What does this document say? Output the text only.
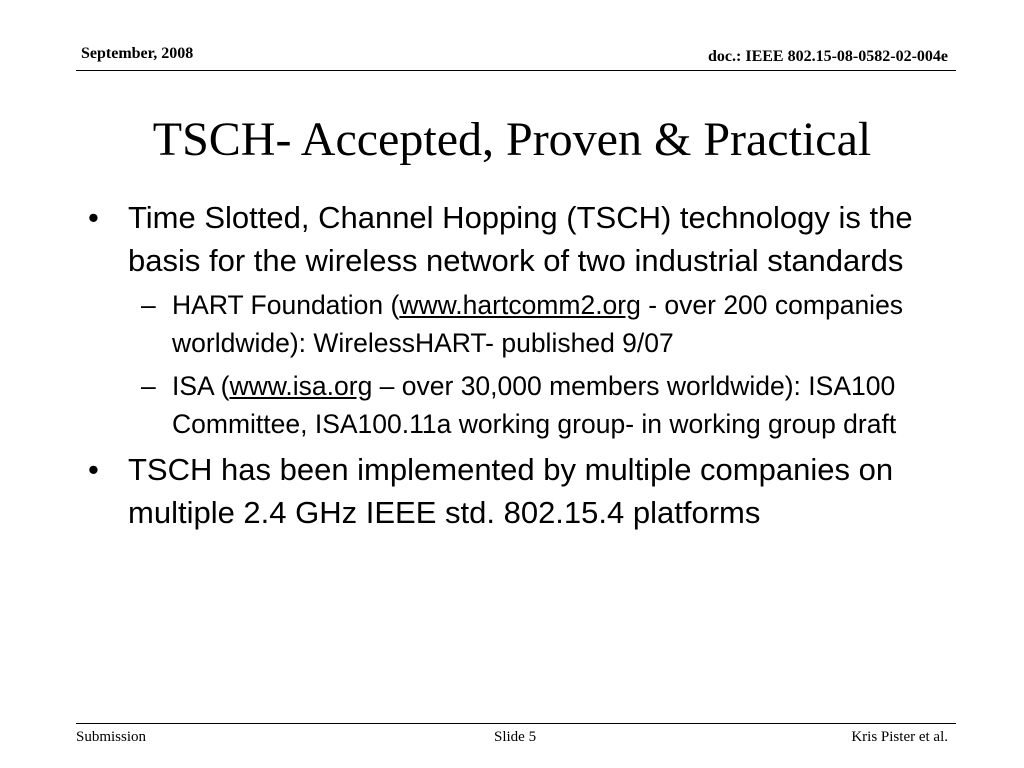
September, 2008	doc.: IEEE 802.15-08-0582-02-004e
TSCH- Accepted, Proven & Practical
• Time Slotted, Channel Hopping (TSCH) technology is the basis for the wireless network of two industrial standards
– HART Foundation (www.hartcomm2.org - over 200 companies worldwide): WirelessHART- published 9/07
– ISA (www.isa.org – over 30,000 members worldwide): ISA100 Committee, ISA100.11a working group- in working group draft
• TSCH has been implemented by multiple companies on multiple 2.4 GHz IEEE std. 802.15.4 platforms
Submission	Slide 5	Kris Pister et al.
